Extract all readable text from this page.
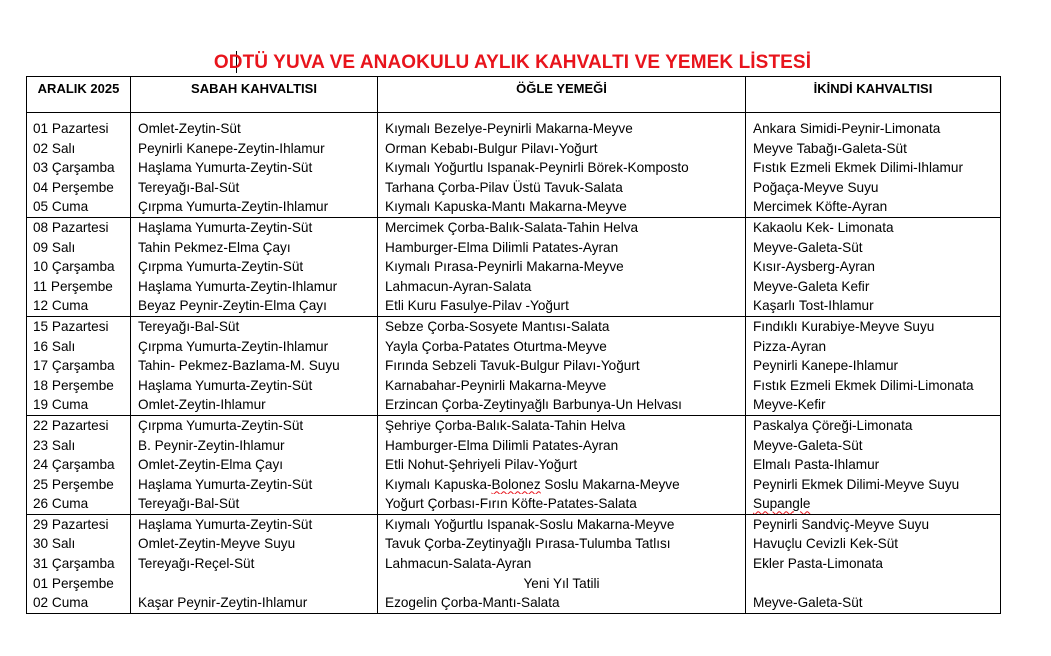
ODTÜ YUVA VE ANAOKULU AYLIK KAHVALTI VE YEMEK LİSTESİ
ARALIK 2025	SABAH KAHVALTISI	ÖĞLE YEMEĞİ	İKİNDİ KAHVALTISI

01 Pazartesi	Omlet-Zeytin-Süt	Kıymalı Bezelye-Peynirli Makarna-Meyve	Ankara Simidi-Peynir-Limonata
02 Salı	Peynirli Kanepe-Zeytin-Ihlamur	Orman Kebabı-Bulgur Pilavı-Yoğurt	Meyve Tabağı-Galeta-Süt
03 Çarşamba	Haşlama Yumurta-Zeytin-Süt	Kıymalı Yoğurtlu Ispanak-Peynirli Börek-Komposto	Fıstık Ezmeli Ekmek Dilimi-Ihlamur
04 Perşembe	Tereyağı-Bal-Süt	Tarhana Çorba-Pilav Üstü Tavuk-Salata	Poğaça-Meyve Suyu
05 Cuma	Çırpma Yumurta-Zeytin-Ihlamur	Kıymalı Kapuska-Mantı Makarna-Meyve	Mercimek Köfte-Ayran
08 Pazartesi	Haşlama Yumurta-Zeytin-Süt	Mercimek Çorba-Balık-Salata-Tahin Helva	Kakaolu Kek- Limonata
09 Salı	Tahin Pekmez-Elma Çayı	Hamburger-Elma Dilimli Patates-Ayran	Meyve-Galeta-Süt
10 Çarşamba	Çırpma Yumurta-Zeytin-Süt	Kıymalı Pırasa-Peynirli Makarna-Meyve	Kısır-Aysberg-Ayran
11 Perşembe	Haşlama Yumurta-Zeytin-Ihlamur	Lahmacun-Ayran-Salata	Meyve-Galeta Kefir
12 Cuma	Beyaz Peynir-Zeytin-Elma Çayı	Etli Kuru Fasulye-Pilav -Yoğurt	Kaşarlı Tost-Ihlamur
15 Pazartesi	Tereyağı-Bal-Süt	Sebze Çorba-Sosyete Mantısı-Salata	Fındıklı Kurabiye-Meyve Suyu
16 Salı	Çırpma Yumurta-Zeytin-Ihlamur	Yayla Çorba-Patates Oturtma-Meyve	Pizza-Ayran
17 Çarşamba	Tahin- Pekmez-Bazlama-M. Suyu	Fırında Sebzeli Tavuk-Bulgur Pilavı-Yoğurt	Peynirli Kanepe-Ihlamur
18 Perşembe	Haşlama Yumurta-Zeytin-Süt	Karnabahar-Peynirli Makarna-Meyve	Fıstık Ezmeli Ekmek Dilimi-Limonata
19 Cuma	Omlet-Zeytin-Ihlamur	Erzincan Çorba-Zeytinyağlı Barbunya-Un Helvası	Meyve-Kefir
22 Pazartesi	Çırpma Yumurta-Zeytin-Süt	Şehriye Çorba-Balık-Salata-Tahin Helva	Paskalya Çöreği-Limonata
23 Salı	B. Peynir-Zeytin-Ihlamur	Hamburger-Elma Dilimli Patates-Ayran	Meyve-Galeta-Süt
24 Çarşamba	Omlet-Zeytin-Elma Çayı	Etli Nohut-Şehriyeli Pilav-Yoğurt	Elmalı Pasta-Ihlamur
25 Perşembe	Haşlama Yumurta-Zeytin-Süt	Kıymalı Kapuska-Bolonez Soslu Makarna-Meyve	Peynirli Ekmek Dilimi-Meyve Suyu
26 Cuma	Tereyağı-Bal-Süt	Yoğurt Çorbası-Fırın Köfte-Patates-Salata	Supangle
29 Pazartesi	Haşlama Yumurta-Zeytin-Süt	Kıymalı Yoğurtlu Ispanak-Soslu Makarna-Meyve	Peynirli Sandviç-Meyve Suyu
30 Salı	Omlet-Zeytin-Meyve Suyu	Tavuk Çorba-Zeytinyağlı Pırasa-Tulumba Tatlısı	Havuçlu Cevizli Kek-Süt
31 Çarşamba	Tereyağı-Reçel-Süt	Lahmacun-Salata-Ayran	Ekler Pasta-Limonata
01 Perşembe		Yeni Yıl Tatili	
02 Cuma	Kaşar Peynir-Zeytin-Ihlamur	Ezogelin Çorba-Mantı-Salata	Meyve-Galeta-Süt
